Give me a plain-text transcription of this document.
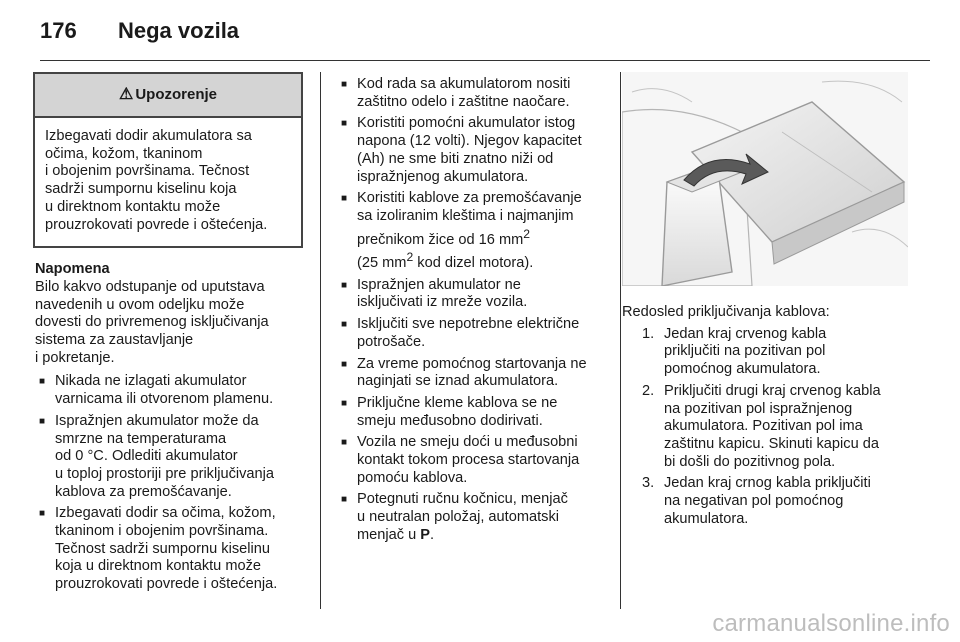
176	Nega vozila
⚠ Upozorenje
Izbegavati dodir akumulatora sa
očima, kožom, tkaninom
i obojenim površinama. Tečnost
sadrži sumpornu kiselinu koja
u direktnom kontaktu može
prouzrokovati povrede i oštećenja.
Napomena
Bilo kakvo odstupanje od uputstava
navedenih u ovom odeljku može
dovesti do privremenog isključivanja
sistema za zaustavljanje
i pokretanje.
■ Nikada ne izlagati akumulator
varnicama ili otvorenom plamenu.
■ Ispražnjen akumulator može da
smrzne na temperaturama
od 0 °C. Odlediti akumulator
u toploj prostoriji pre priključivanja
kablova za premošćavanje.
■ Izbegavati dodir sa očima, kožom,
tkaninom i obojenim površinama.
Tečnost sadrži sumpornu kiselinu
koja u direktnom kontaktu može
prouzrokovati povrede i oštećenja.
■ Kod rada sa akumulatorom nositi
zaštitno odelo i zaštitne naočare.
■ Koristiti pomoćni akumulator istog
napona (12 volti). Njegov kapacitet
(Ah) ne sme biti znatno niži od
ispražnjenog akumulatora.
■ Koristiti kablove za premošćavanje
sa izoliranim kleštima i najmanjim
prečnikom žice od 16 $mm^2$
(25 $mm^2$ kod dizel motora).
■ Ispražnjen akumulator ne
isključivati iz mreže vozila.
■ Isključiti sve nepotrebne električne
potrošače.
■ Za vreme pomoćnog startovanja ne
naginjati se iznad akumulatora.
■ Priključne kleme kablova se ne
smeju međusobno dodirivati.
■ Vozila ne smeju doći u međusobni
kontakt tokom procesa startovanja
pomoću kablova.
■ Potegnuti ručnu kočnicu, menjač
u neutralan položaj, automatski
menjač u P.
Redosled priključivanja kablova:
1. Jedan kraj crvenog kabla
priključiti na pozitivan pol
pomoćnog akumulatora.
2. Priključiti drugi kraj crvenog kabla
na pozitivan pol ispražnjenog
akumulatora. Pozitivan pol ima
zaštitnu kapicu. Skinuti kapicu da
bi došli do pozitivnog pola.
3. Jedan kraj crnog kabla priključiti
na negativan pol pomoćnog
akumulatora.
carmanualsonline.info
